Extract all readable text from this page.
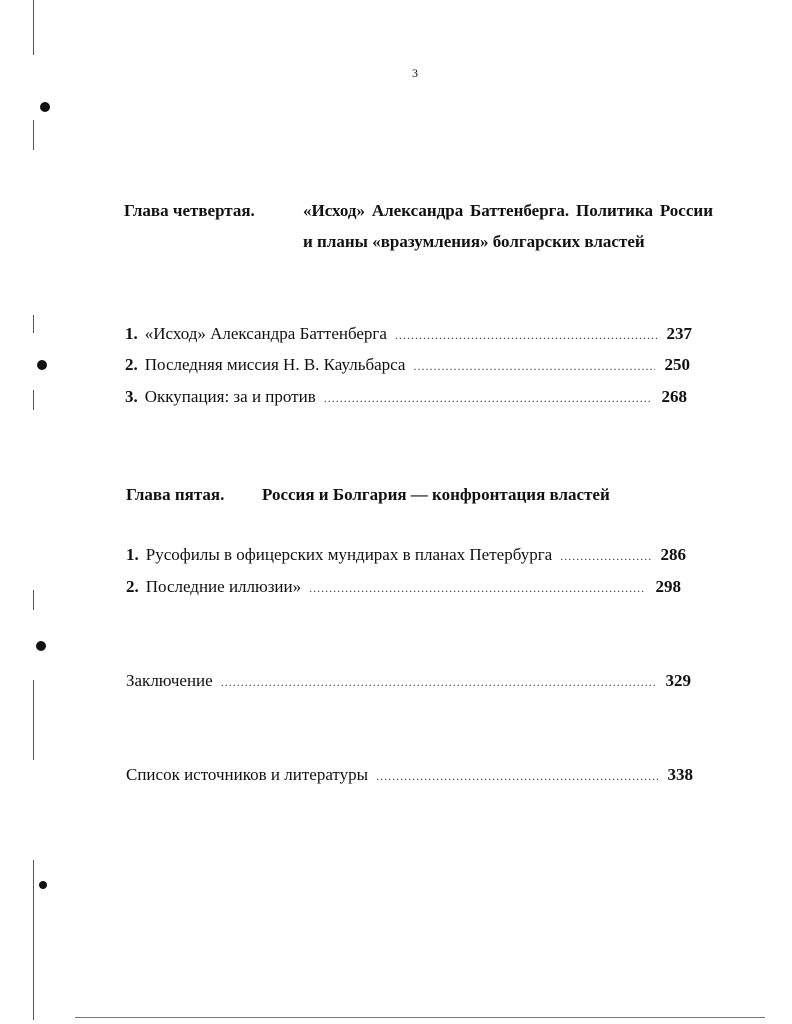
3
Глава четвертая.	«Исход» Александра Баттенберга. Политика России и планы «вразумления» болгарских властей
1. «Исход» Александра Баттенберга .....	237
2. Последняя миссия Н. В. Каульбарса .....	250
3. Оккупация: за и против .....	268
Глава пятая. Россия и Болгария — конфронтация властей
1. Русофилы в офицерских мундирах в планах Петербурга .....	286
2. Последние иллюзии» .....	298
Заключение .....	329
Список источников и литературы .....	338
